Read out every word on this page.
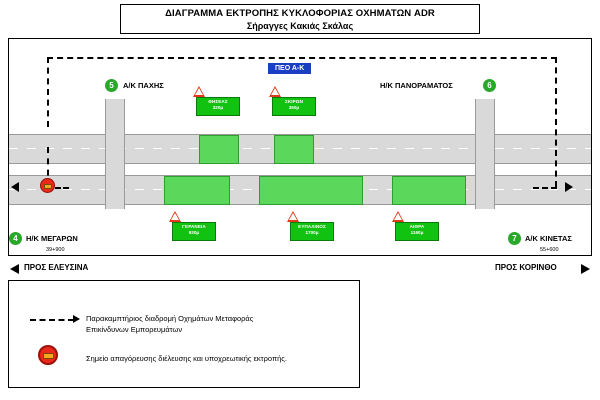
ΔΙΑΓΡΑΜΜΑ ΕΚΤΡΟΠΗΣ ΚΥΚΛΟΦΟΡΙΑΣ ΟΧΗΜΑΤΩΝ ADR
Σήραγγες Κακιάς Σκάλας
ΠΕΟ Α-Κ
5	Α/Κ ΠΑΧΗΣ	Η/Κ ΠΑΝΟΡΑΜΑΤΟΣ	6
ΘΗΣΕΑΣ
320μ
ΣΚΙΡΩΝ
360μ
ΓΕΡΑΝΕΙΑ
930μ
ΕΥΠΑΛΙΝΟΣ
1700μ
ΑΙΘΡΑ
1160μ
4	Η/Κ ΜΕΓΑΡΩΝ
39+900
7	Α/Κ ΚΙΝΕΤΑΣ
55+600
ΠΡΟΣ ΕΛΕΥΣΙΝΑ	ΠΡΟΣ ΚΟΡΙΝΘΟ
Παρακαμπτήριος διαδρομή Οχημάτων Μεταφοράς
Επικίνδυνων Εμπορευμάτων
Σημείο απαγόρευσης διέλευσης και υποχρεωτικής εκτροπής.
